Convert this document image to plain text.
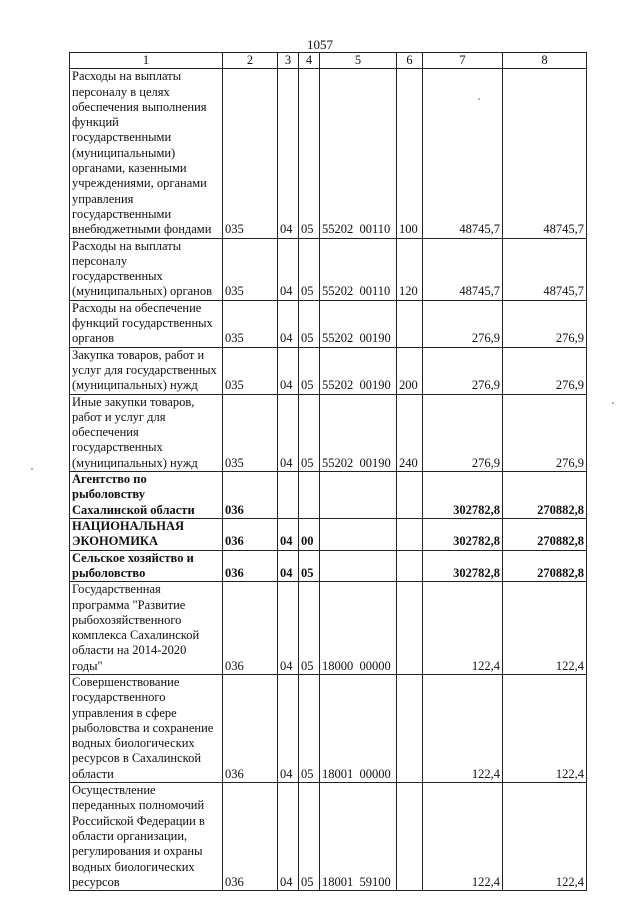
1057
1	2	3	4	5	6	7	8
Расходы на выплаты персоналу в целях обеспечения выполнения функций государственными (муниципальными) органами, казенными учреждениями, органами управления государственными внебюджетными фондами	035	04	05	55202  00110	100	48745,7	48745,7
Расходы на выплаты персоналу государственных (муниципальных) органов	035	04	05	55202  00110	120	48745,7	48745,7
Расходы на обеспечение функций государственных органов	035	04	05	55202  00190		276,9	276,9
Закупка товаров, работ и услуг для государственных (муниципальных) нужд	035	04	05	55202  00190	200	276,9	276,9
Иные закупки товаров, работ и услуг для обеспечения государственных (муниципальных) нужд	035	04	05	55202  00190	240	276,9	276,9
Агентство по рыболовству Сахалинской области	036					302782,8	270882,8
НАЦИОНАЛЬНАЯ ЭКОНОМИКА	036	04	00			302782,8	270882,8
Сельское хозяйство и рыболовство	036	04	05			302782,8	270882,8
Государственная программа "Развитие рыбохозяйственного комплекса Сахалинской области на 2014-2020 годы"	036	04	05	18000  00000		122,4	122,4
Совершенствование государственного управления в сфере рыболовства и сохранение водных биологических ресурсов в Сахалинской области	036	04	05	18001  00000		122,4	122,4
Осуществление переданных полномочий Российской Федерации в области организации, регулирования и охраны водных биологических ресурсов	036	04	05	18001  59100		122,4	122,4
